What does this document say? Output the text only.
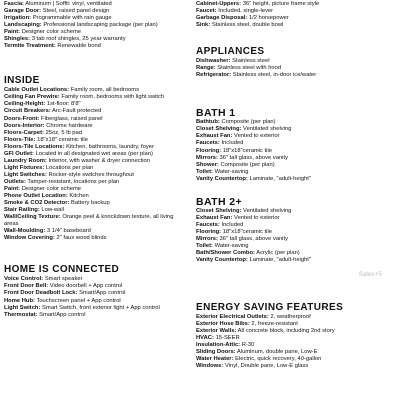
Fascia: Aluminum | Soffit: vinyl, ventilated
Garage Door: Steel, raised panel design
Irrigation: Programmable with rain gauge
Landscaping: Professional landscaping package (per plan)
Paint: Designer color scheme
Shingles: 3 tab roof shingles, 25 year warranty
Termite Treatment: Renewable bond
INSIDE
Cable Outlet Locations: Family room, all bedrooms
Ceiling Fan Prewire: Family room, bedrooms with light switch
Ceiling-Height: 1st-floor: 8'8"
Circuit Breakers: Arc-Fault protected
Doors-Front: Fiberglass, raised panel
Doors-Interior: Chrome hardware
Floors-Carpet: 25oz, 5 lb pad
Floors-Tile: 18"x18" ceramic tile
Floors-Tile Locations: Kitchen, bathrooms, laundry, foyer
GFI Outlet: Located in all designated wet areas (per plan)
Laundry Room: Interior, with washer & dryer connection
Light Fixtures: Locations per plan
Light Switches: Rocker-style switches throughout
Outlets: Tamper-resistant, locations per plan
Paint: Designer color scheme
Phone Outlet Location: Kitchen
Smoke & CO2 Detector: Battery backup
Stair Railing: Low-wall
Wall/Ceiling Texture: Orange peel & knockdown texture, all living
areas
Wall-Moulding: 3 1/4" baseboard
Window Covering: 2" faux wood blinds
HOME IS CONNECTED
Voice Control: Smart speaker
Front Door Bell: Video doorbell + App control
Front Door Deadbolt Lock: Smart/App control
Home Hub: Touchscreen panel + App control
Light Switch: Smart Switch, front exterior light + App control
Thermostat: Smart/App control
Cabinet-Uppers: 36" height, picture frame style
Faucet: Included, single-lever
Garbage Disposal: 1/2 horsepower
Sink: Stainless steel, double bowl
APPLIANCES
Dishwasher: Stainless steel
Range: Stainless steel with hood
Refrigerator: Stainless steel, in-door ice/water
BATH 1
Bathtub: Composite (per plan)
Closet Shelving: Ventilated shelving
Exhaust Fan: Vented to exterior
Faucets: Included
Flooring: 18"x18"ceramic tile
Mirrors: 36" tall glass, above vanity
Shower: Composite (per plan)
Toilet: Water-saving
Vanity Countertop: Laminate, "adult-height"
BATH 2+
Closet Shelving: Ventilated shelving
Exhaust Fan: Vented to exterior
Faucets: Included
Flooring: 18"x18"ceramic tile
Mirrors: 36" tall glass, above vanity
Toilet: Water-saving
Bath/Shower Combo: Acrylic (per plan)
Vanity Countertop: Laminate, "adult-height"
ENERGY SAVING FEATURES
Exterior Electrical Outlets: 2, weatherproof
Exterior Hose Bibs: 2, freeze-resistant
Exterior Walls: All concrete block, including 2nd story
HVAC: 15-SEER
Insulation-Attic: R-30
Sliding Doors: Aluminum, double pane, Low-E
Water Heater: Electric, quick recovery, 40-gallon
Windows: Vinyl, Double pane, Low-E glass
Sales+5
